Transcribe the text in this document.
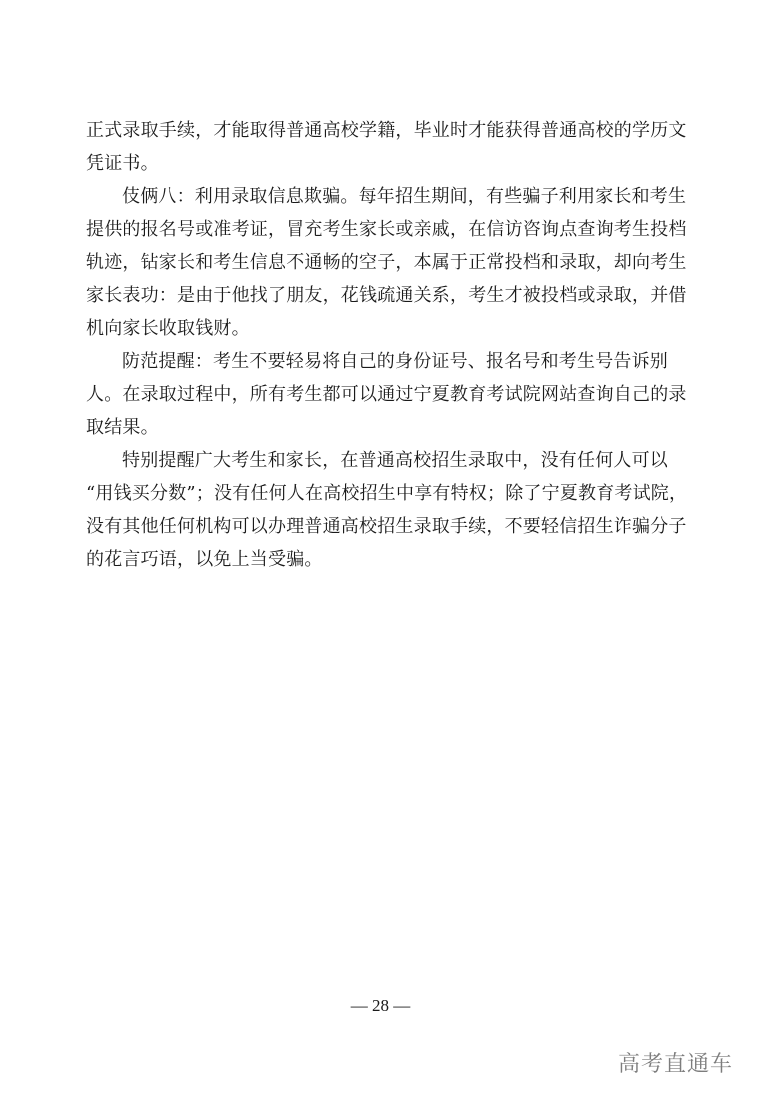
正式录取手续，才能取得普通高校学籍，毕业时才能获得普通高校的学历文
凭证书。
伎俩八：利用录取信息欺骗。每年招生期间，有些骗子利用家长和考生
提供的报名号或准考证，冒充考生家长或亲戚，在信访咨询点查询考生投档
轨迹，钻家长和考生信息不通畅的空子，本属于正常投档和录取，却向考生
家长表功：是由于他找了朋友，花钱疏通关系，考生才被投档或录取，并借
机向家长收取钱财。
防范提醒：考生不要轻易将自己的身份证号、报名号和考生号告诉别
人。在录取过程中，所有考生都可以通过宁夏教育考试院网站查询自己的录
取结果。
特别提醒广大考生和家长，在普通高校招生录取中，没有任何人可以
“用钱买分数”；没有任何人在高校招生中享有特权；除了宁夏教育考试院，
没有其他任何机构可以办理普通高校招生录取手续，不要轻信招生诈骗分子
的花言巧语，以免上当受骗。
— 28 —
高考直通车
